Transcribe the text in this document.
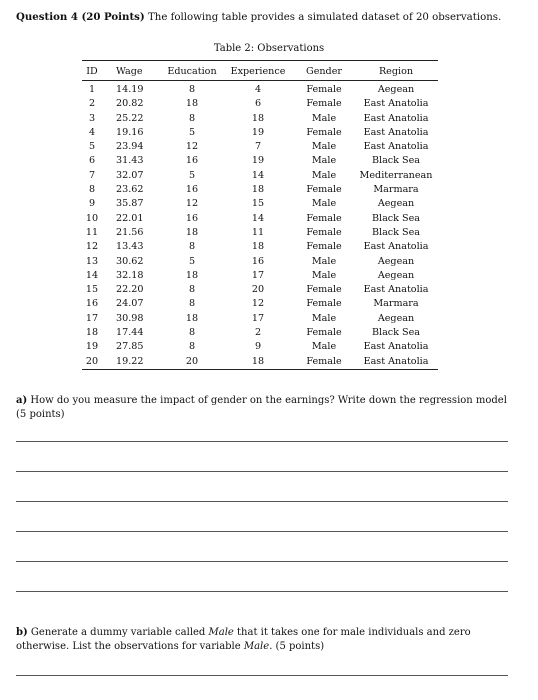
Question 4 (20 Points) The following table provides a simulated dataset of 20 observations.
Table 2: Observations
ID	Wage	Education	Experience	Gender	Region
1	14.19	8	4	Female	Aegean
2	20.82	18	6	Female	East Anatolia
3	25.22	8	18	Male	East Anatolia
4	19.16	5	19	Female	East Anatolia
5	23.94	12	7	Male	East Anatolia
6	31.43	16	19	Male	Black Sea
7	32.07	5	14	Male	Mediterranean
8	23.62	16	18	Female	Marmara
9	35.87	12	15	Male	Aegean
10	22.01	16	14	Female	Black Sea
11	21.56	18	11	Female	Black Sea
12	13.43	8	18	Female	East Anatolia
13	30.62	5	16	Male	Aegean
14	32.18	18	17	Male	Aegean
15	22.20	8	20	Female	East Anatolia
16	24.07	8	12	Female	Marmara
17	30.98	18	17	Male	Aegean
18	17.44	8	2	Female	Black Sea
19	27.85	8	9	Male	East Anatolia
20	19.22	20	18	Female	East Anatolia
a) How do you measure the impact of gender on the earnings? Write down the regression model (5 points)
b) Generate a dummy variable called Male that it takes one for male individuals and zero otherwise. List the observations for variable Male. (5 points)
